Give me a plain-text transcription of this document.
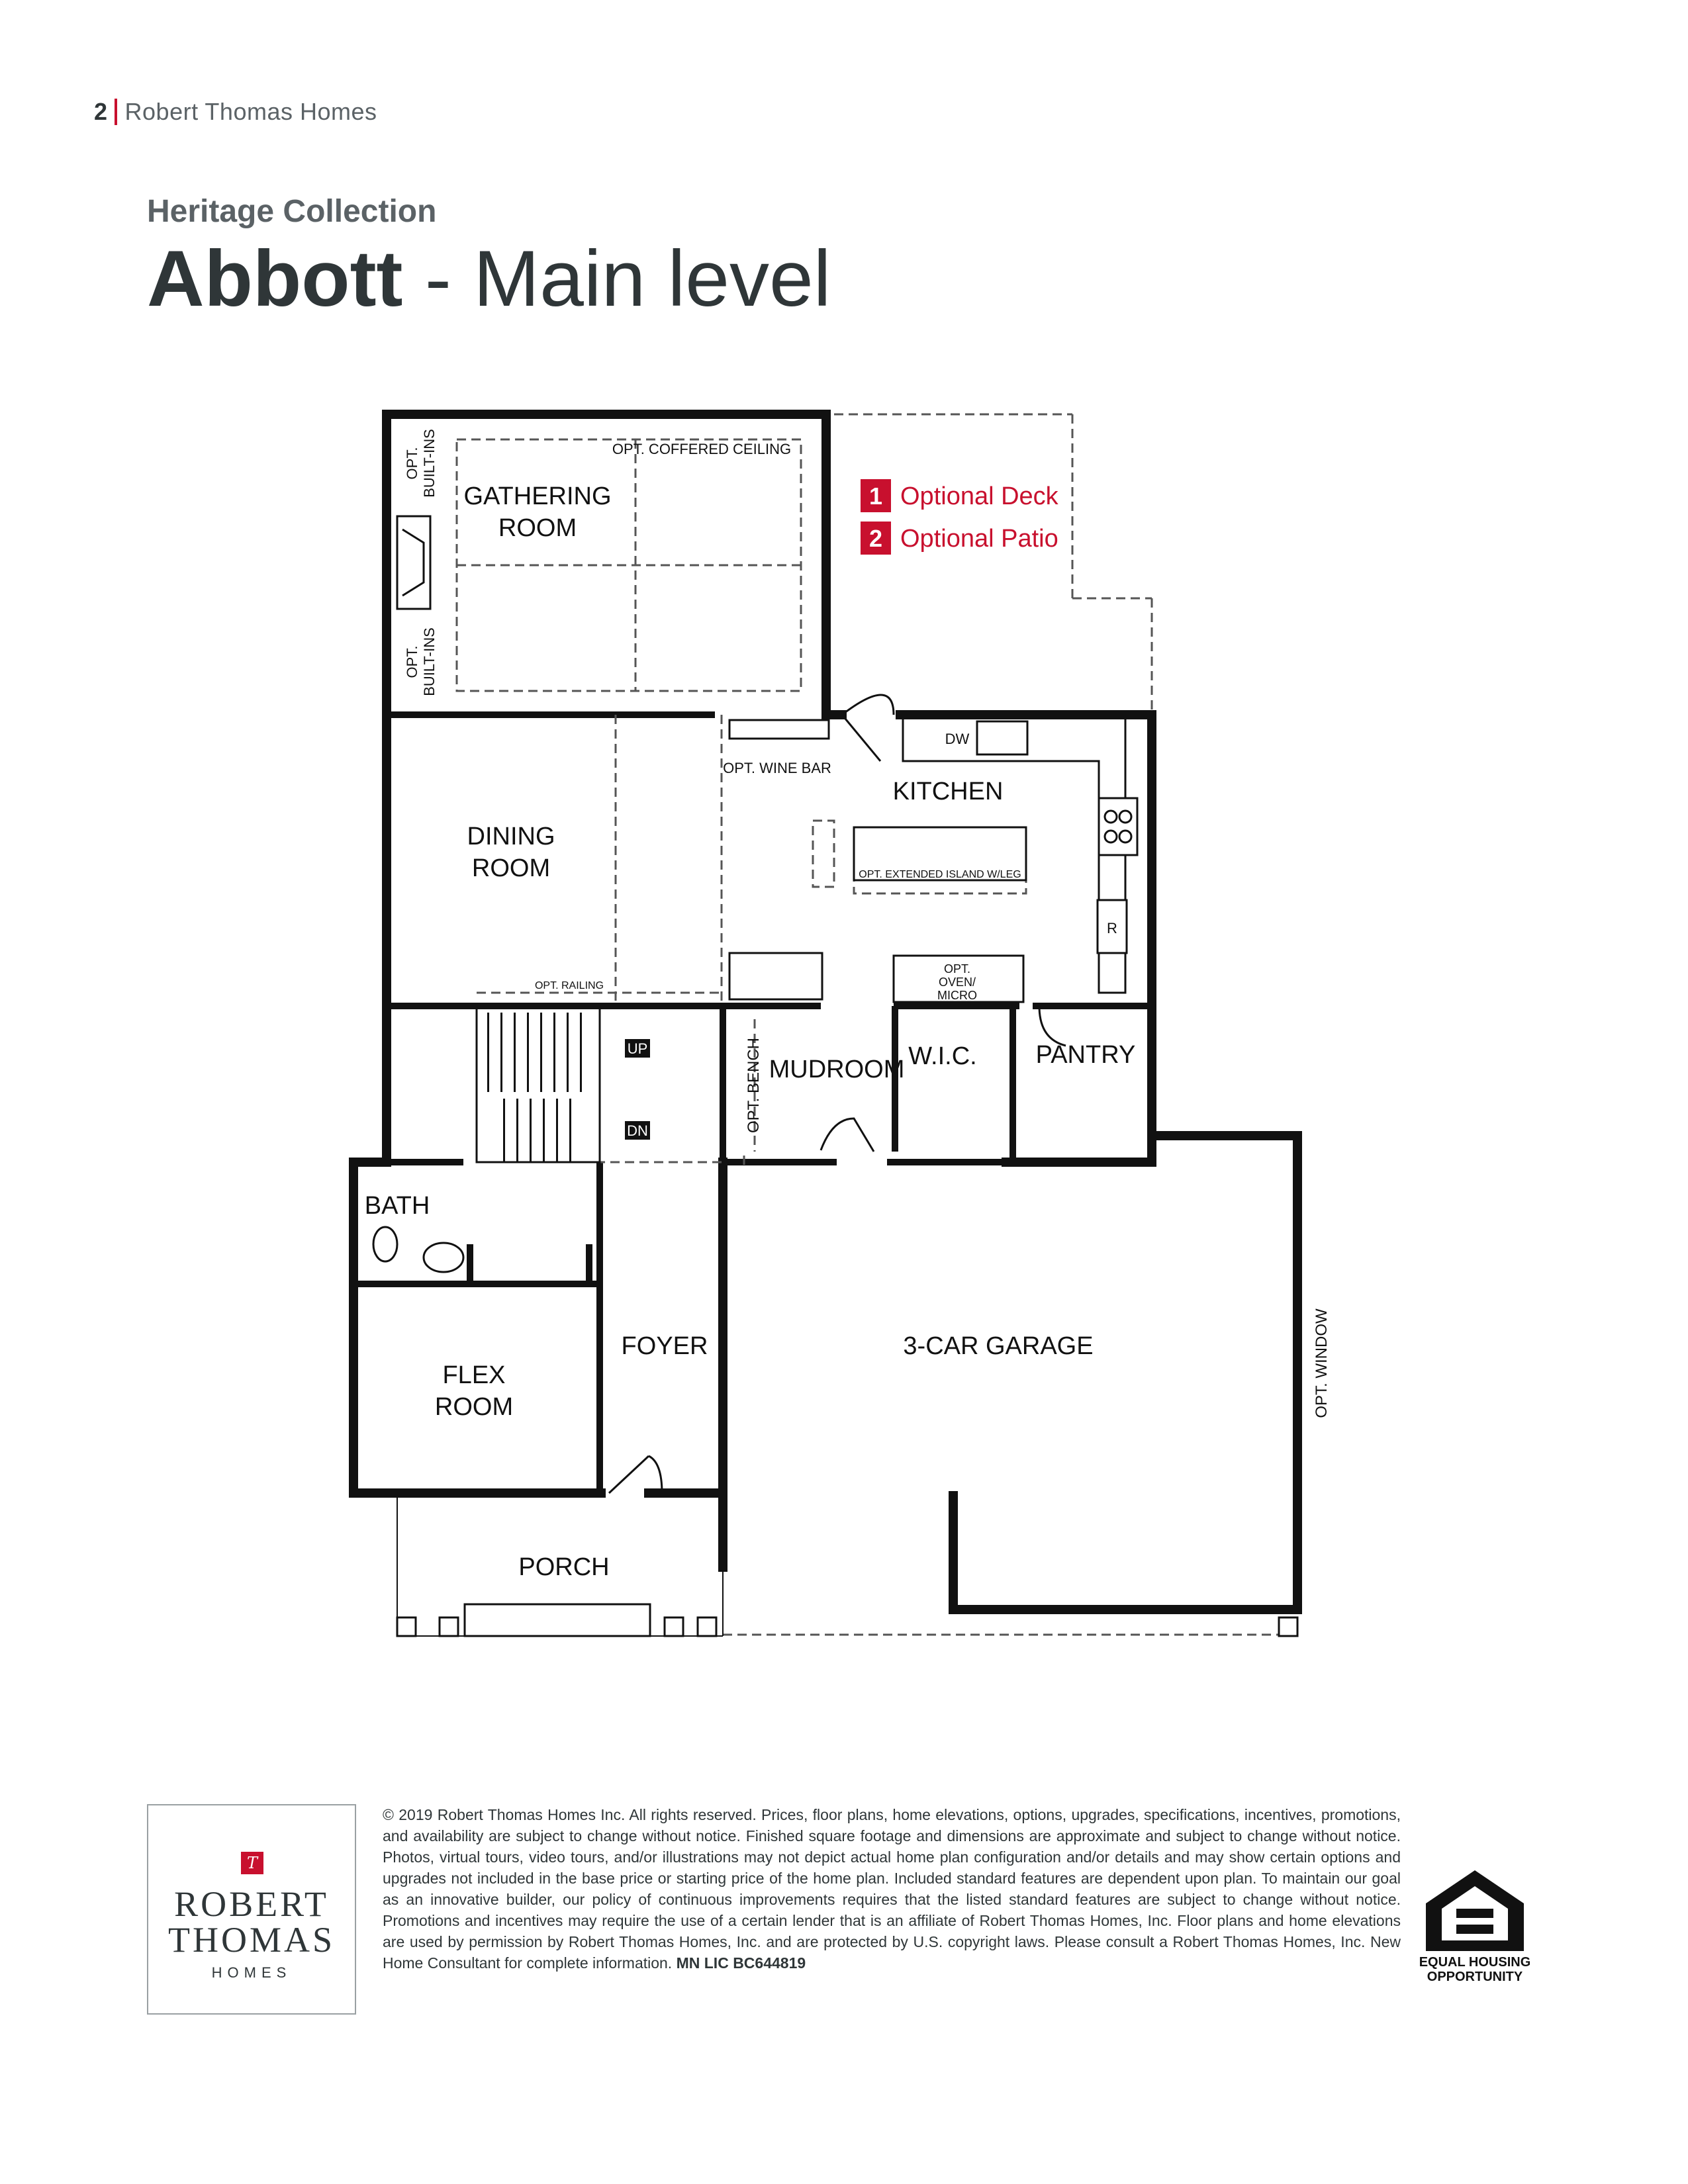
2 Robert Thomas Homes
Heritage Collection
Abbott - Main level
GATHERING
ROOM
DINING
ROOM
KITCHEN
MUDROOM W.I.C. PANTRY
BATH
FLEX
ROOM
FOYER	3-CAR GARAGE
PORCH
OPT. COFFERED CEILING
OPT. WINE BAR
OPT. EXTENDED ISLAND W/LEG
OPT. RAILING
OPT.
OVEN/
MICRO
DW
R
OPT. BUILT-INS
OPT. BUILT-INS
OPT. BENCH
OPT. WINDOW
UP
DN
1 Optional Deck
2 Optional Patio
T
ROBERT
THOMAS
HOMES
© 2019 Robert Thomas Homes Inc. All rights reserved. Prices, floor plans, home elevations, options, upgrades, specifications, incentives, promotions, and availability are subject to change without notice. Finished square footage and dimensions are approximate and subject to change without notice. Photos, virtual tours, video tours, and/or illustrations may not depict actual home plan configuration and/or details and may show certain options and upgrades not included in the base price or starting price of the home plan. Included standard features are dependent upon plan. To maintain our goal as an innovative builder, our policy of continuous improvements requires that the listed standard features are subject to change without notice. Promotions and incentives may require the use of a certain lender that is an affiliate of Robert Thomas Homes, Inc. Floor plans and home elevations are used by permission by Robert Thomas Homes, Inc. and are protected by U.S. copyright laws. Please consult a Robert Thomas Homes, Inc. New Home Consultant for complete information. MN LIC BC644819	EQUAL HOUSING
OPPORTUNITY
